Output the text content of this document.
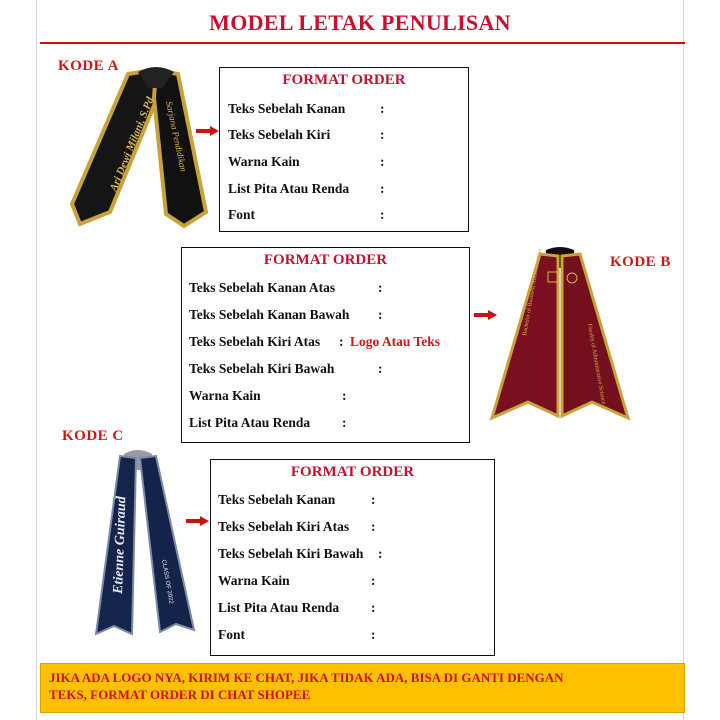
MODEL LETAK PENULISAN
KODE A
Ari Dewi Milani, S.Pd Sarjana Pendidikan
FORMAT ORDER
Teks Sebelah Kanan	:
Teks Sebelah Kiri	:
Warna Kain	:
List Pita Atau Renda :
Font	:
FORMAT ORDER
Teks Sebelah Kanan Atas	:
Teks Sebelah Kanan Bawah :
Teks Sebelah Kiri Atas : Logo Atau Teks
Teks Sebelah Kiri Bawah	:
Warna Kain	:
List Pita Atau Renda :
KODE B
Bachelor of Business Administration
Faculty of Administrative Science
KODE C
Etienne Guiraud	CLASS OF 2022
FORMAT ORDER
Teks Sebelah Kanan	:
Teks Sebelah Kiri Atas :
Teks Sebelah Kiri Bawah :
Warna Kain	:
List Pita Atau Renda :
Font	:
JIKA ADA LOGO NYA, KIRIM KE CHAT, JIKA TIDAK ADA, BISA DI GANTI DENGAN
TEKS, FORMAT ORDER DI CHAT SHOPEE
